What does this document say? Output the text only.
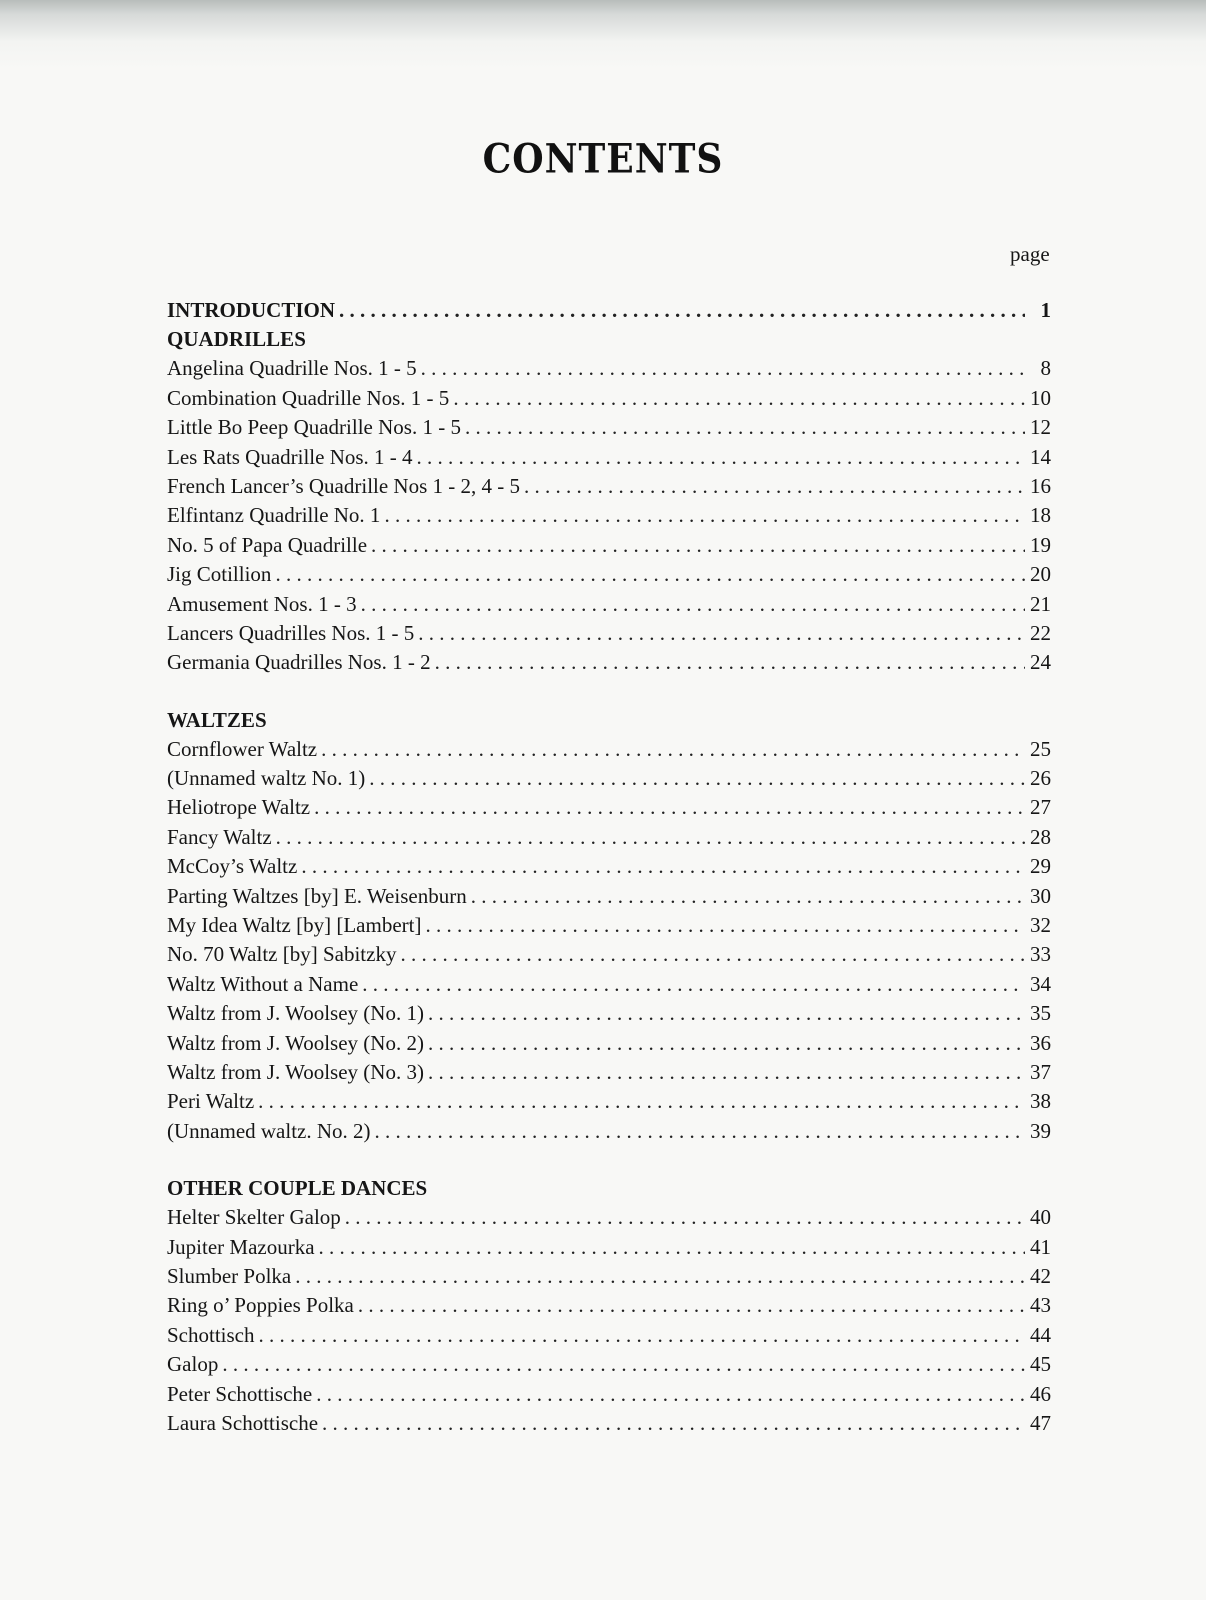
CONTENTS
page
INTRODUCTION . . .	1
QUADRILLES
Angelina Quadrille Nos. 1 - 5 . . .	8
Combination Quadrille Nos. 1 - 5 . . .	10
Little Bo Peep Quadrille Nos. 1 - 5 . . .	12
Les Rats Quadrille Nos. 1 - 4 . . .	14
French Lancer’s Quadrille Nos 1 - 2, 4 - 5 . . .	16
Elfintanz Quadrille No. 1 . . .	18
No. 5 of Papa Quadrille . . .	19
Jig Cotillion . . .	20
Amusement Nos. 1 - 3 . . .	21
Lancers Quadrilles Nos. 1 - 5 . . .	22
Germania Quadrilles Nos. 1 - 2 . . .	24
WALTZES
Cornflower Waltz . . .	25
(Unnamed waltz No. 1) . . .	26
Heliotrope Waltz . . .	27
Fancy Waltz . . .	28
McCoy’s Waltz . . .	29
Parting Waltzes [by] E. Weisenburn . . .	30
My Idea Waltz [by] [Lambert] . . .	32
No. 70 Waltz [by] Sabitzky . . .	33
Waltz Without a Name . . .	34
Waltz from J. Woolsey (No. 1) . . .	35
Waltz from J. Woolsey (No. 2) . . .	36
Waltz from J. Woolsey (No. 3) . . .	37
Peri Waltz . . .	38
(Unnamed waltz. No. 2) . . .	39
OTHER COUPLE DANCES
Helter Skelter Galop . . .	40
Jupiter Mazourka . . .	41
Slumber Polka . . .	42
Ring o’ Poppies Polka . . .	43
Schottisch . . .	44
Galop . . .	45
Peter Schottische . . .	46
Laura Schottische . . .	47
